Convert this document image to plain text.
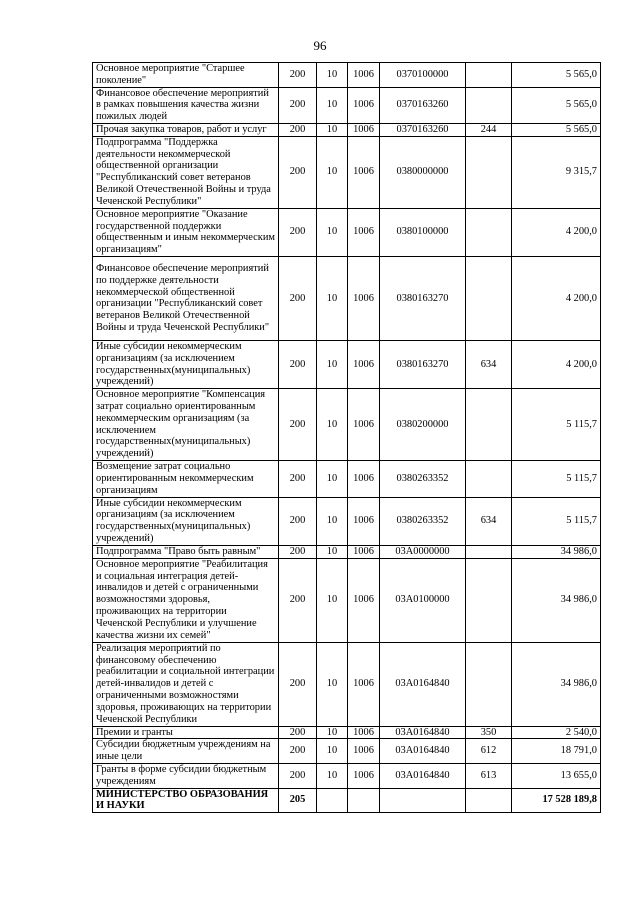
96
Основное мероприятие "Старшее поколение"	200	10	1006	0370100000		5 565,0
Финансовое обеспечение мероприятий в рамках повышения качества жизни пожилых людей	200	10	1006	0370163260		5 565,0
Прочая закупка товаров, работ и услуг	200	10	1006	0370163260	244	5 565,0
Подпрограмма "Поддержка деятельности некоммерческой общественной организации "Республиканский совет ветеранов Великой Отечественной Войны и труда Чеченской Республики"	200	10	1006	0380000000		9 315,7
Основное мероприятие "Оказание государственной поддержки общественным и иным некоммерческим организациям"	200	10	1006	0380100000		4 200,0
Финансовое обеспечение мероприятий по поддержке деятельности некоммерческой общественной организации "Республиканский совет ветеранов Великой Отечественной Войны и труда Чеченской Республики"	200	10	1006	0380163270		4 200,0
Иные субсидии некоммерческим организациям (за исключением государственных(муниципальных) учреждений)	200	10	1006	0380163270	634	4 200,0
Основное мероприятие "Компенсация затрат социально ориентированным некоммерческим организациям (за исключением государственных(муниципальных) учреждений)	200	10	1006	0380200000		5 115,7
Возмещение затрат социально ориентированным некоммерческим организациям	200	10	1006	0380263352		5 115,7
Иные субсидии некоммерческим организациям (за исключением государственных(муниципальных) учреждений)	200	10	1006	0380263352	634	5 115,7
Подпрограмма "Право быть равным"	200	10	1006	03А0000000		34 986,0
Основное мероприятие "Реабилитация и социальная интеграция детей-инвалидов и детей с ограниченными возможностями здоровья, проживающих на территории Чеченской Республики и улучшение качества жизни их семей"	200	10	1006	03А0100000		34 986,0
Реализация мероприятий по финансовому обеспечению реабилитации и социальной интеграции детей-инвалидов и детей с ограниченными возможностями здоровья, проживающих на территории Чеченской Республики	200	10	1006	03А0164840		34 986,0
Премии и гранты	200	10	1006	03А0164840	350	2 540,0
Субсидии бюджетным учреждениям на иные цели	200	10	1006	03А0164840	612	18 791,0
Гранты в форме субсидии бюджетным учреждениям	200	10	1006	03А0164840	613	13 655,0
МИНИСТЕРСТВО ОБРАЗОВАНИЯ И НАУКИ	205					17 528 189,8
